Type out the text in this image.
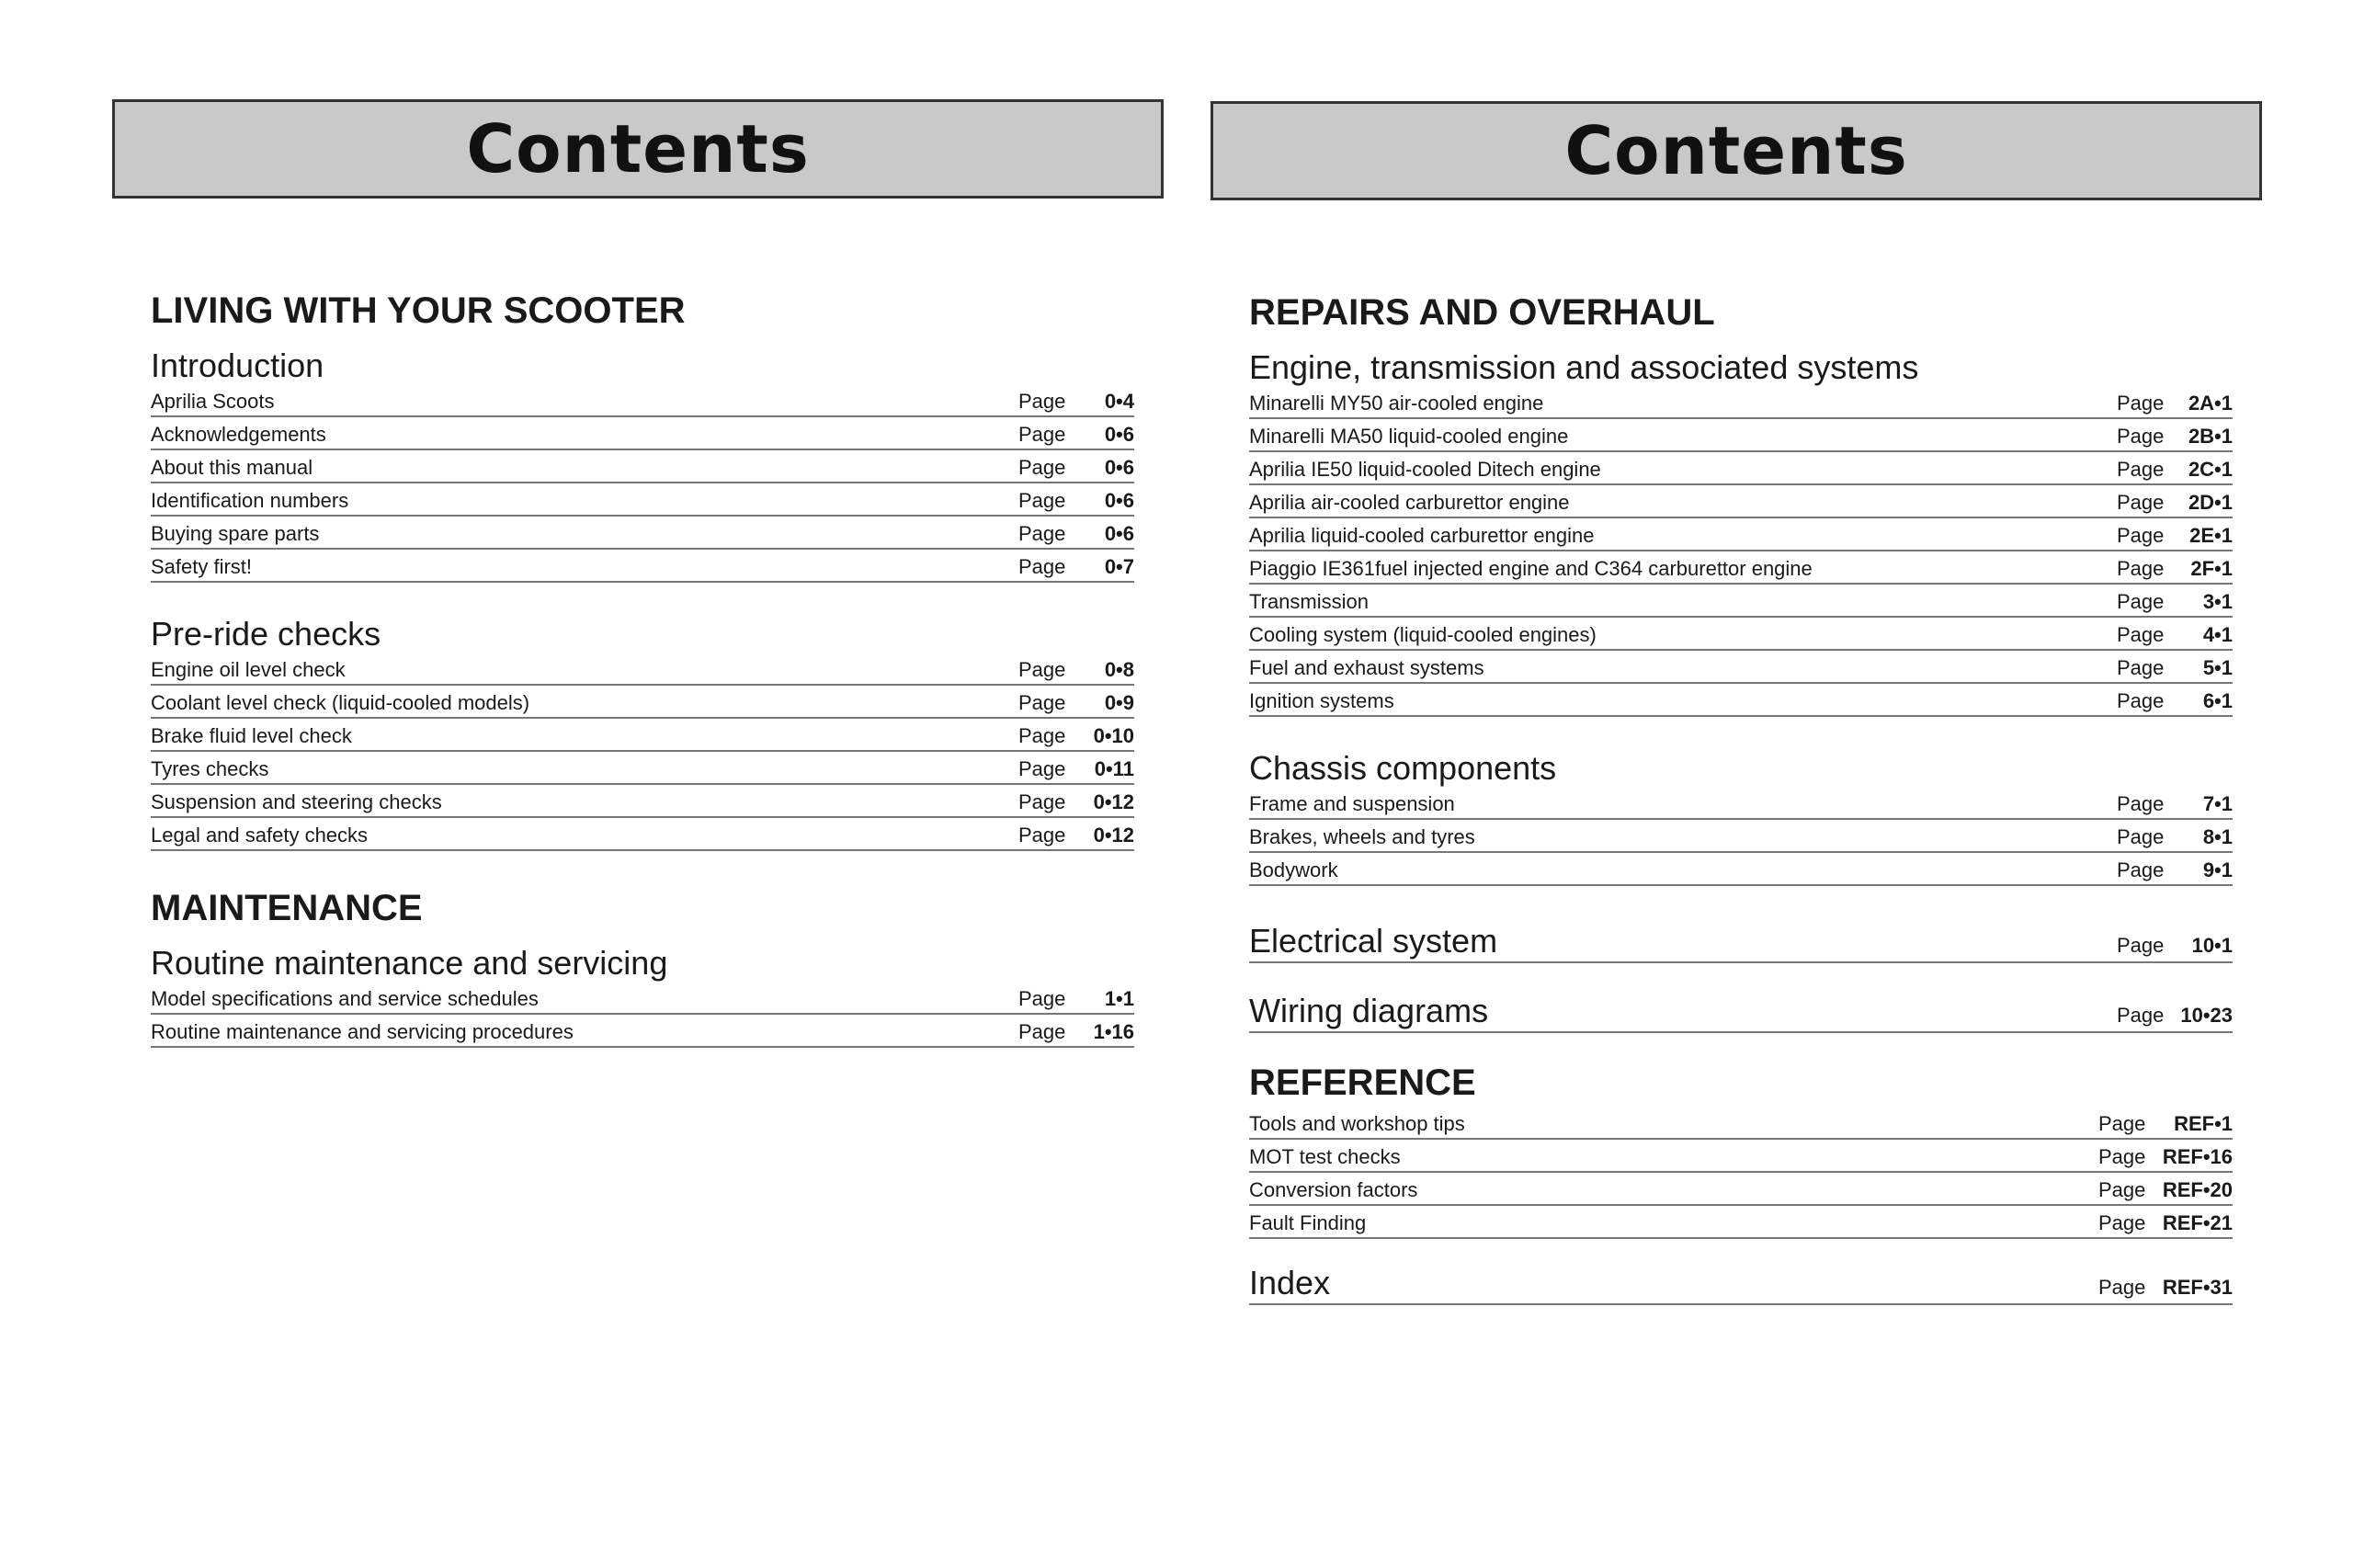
Contents
LIVING WITH YOUR SCOOTER
Introduction
Aprilia Scoots	Page	0•4
Acknowledgements	Page	0•6
About this manual	Page	0•6
Identification numbers	Page	0•6
Buying spare parts	Page	0•6
Safety first!	Page	0•7
Pre-ride checks
Engine oil level check	Page	0•8
Coolant level check (liquid-cooled models)	Page	0•9
Brake fluid level check	Page	0•10
Tyres checks	Page	0•11
Suspension and steering checks	Page	0•12
Legal and safety checks	Page	0•12
MAINTENANCE
Routine maintenance and servicing
Model specifications and service schedules	Page	1•1
Routine maintenance and servicing procedures	Page	1•16
Contents
REPAIRS AND OVERHAUL
Engine, transmission and associated systems
Minarelli MY50 air-cooled engine	Page	2A•1
Minarelli MA50 liquid-cooled engine	Page	2B•1
Aprilia IE50 liquid-cooled Ditech engine	Page	2C•1
Aprilia air-cooled carburettor engine	Page	2D•1
Aprilia liquid-cooled carburettor engine	Page	2E•1
Piaggio IE361fuel injected engine and C364 carburettor engine	Page	2F•1
Transmission	Page	3•1
Cooling system (liquid-cooled engines)	Page	4•1
Fuel and exhaust systems	Page	5•1
Ignition systems	Page	6•1
Chassis components
Frame and suspension	Page	7•1
Brakes, wheels and tyres	Page	8•1
Bodywork	Page	9•1
Electrical system	Page	10•1
Wiring diagrams	Page 10•23
REFERENCE
Tools and workshop tips	Page	REF•1
MOT test checks	Page REF•16
Conversion factors	Page REF•20
Fault Finding	Page REF•21
Index	Page REF•31
